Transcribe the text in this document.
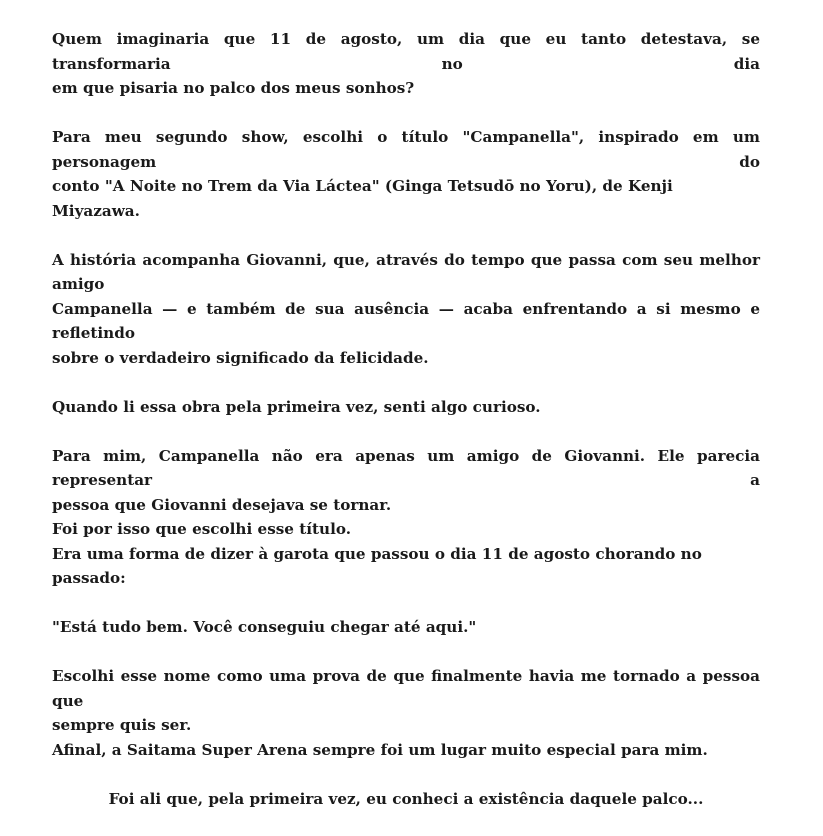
Quem imaginaria que 11 de agosto, um dia que eu tanto detestava, se transformaria no dia
em que pisaria no palco dos meus sonhos?
Para meu segundo show, escolhi o título "Campanella", inspirado em um personagem do
conto "A Noite no Trem da Via Láctea" (Ginga Tetsudō no Yoru), de Kenji Miyazawa.
A história acompanha Giovanni, que, através do tempo que passa com seu melhor amigo
Campanella — e também de sua ausência — acaba enfrentando a si mesmo e refletindo
sobre o verdadeiro significado da felicidade.
Quando li essa obra pela primeira vez, senti algo curioso.
Para mim, Campanella não era apenas um amigo de Giovanni. Ele parecia representar a
pessoa que Giovanni desejava se tornar.
Foi por isso que escolhi esse título.
Era uma forma de dizer à garota que passou o dia 11 de agosto chorando no passado:
"Está tudo bem. Você conseguiu chegar até aqui."
Escolhi esse nome como uma prova de que finalmente havia me tornado a pessoa que
sempre quis ser.
Afinal, a Saitama Super Arena sempre foi um lugar muito especial para mim.
Foi ali que, pela primeira vez, eu conheci a existência daquele palco...
